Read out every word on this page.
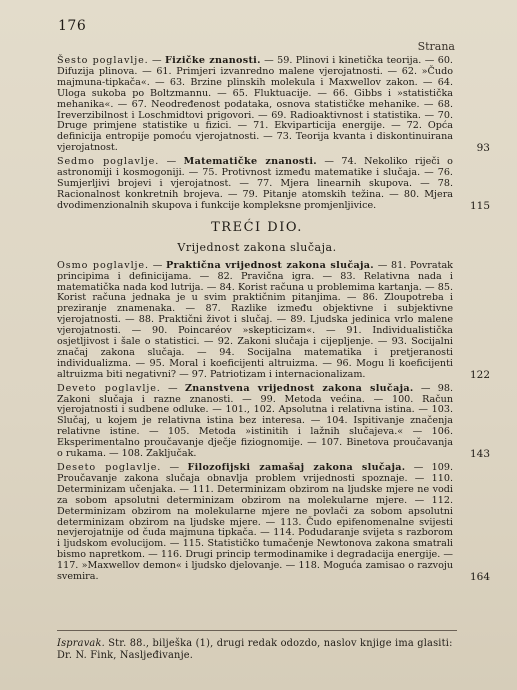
176
Strana
Šesto poglavlje. — Fizičke znanosti. — 59. Plinovi i kinetička teorija. — 60. Difuzija plinova. — 61. Primjeri izvanredno malene vjerojatnosti. — 62. »Čudo majmuna-tipkača«. — 63. Brzine plinskih molekula i Maxwellov zakon. — 64. Uloga sukoba po Boltzmannu. — 65. Fluktuacije. — 66. Gibbs i »statistička mehanika«. — 67. Neodređenost podataka, osnova statističke mehanike. — 68. Ireverzibilnost i Loschmidtovi prigovori. — 69. Radioaktivnost i statistika. — 70. Druge primjene statistike u fizici. — 71. Ekviparticija energije. — 72. Opća definicija entropije pomoću vjerojatnosti. — 73. Teorija kvanta i diskontinuirana vjerojatnost.	93
Sedmo poglavlje. — Matematičke znanosti. — 74. Nekoliko riječi o astronomiji i kosmogoniji. — 75. Protivnost između matematike i slučaja. — 76. Sumjerljivi brojevi i vjerojatnost. — 77. Mjera linearnih skupova. — 78. Racionalnost konkretnih brojeva. — 79. Pitanje atomskih težina. — 80. Mjera dvodimenzionalnih skupova i funkcije kompleksne promjenljivice.	115
TREĆI DIO.
Vrijednost zakona slučaja.
Osmo poglavlje. — Praktična vrijednost zakona slučaja. — 81. Povratak principima i definicijama. — 82. Pravična igra. — 83. Relativna nada i matematička nada kod lutrija. — 84. Korist računa u problemima kartanja. — 85. Korist računa jednaka je u svim praktičnim pitanjima. — 86. Zloupotreba i preziranje znamenaka. — 87. Razlike između objektivne i subjektivne vjerojatnosti. — 88. Praktični život i slučaj. — 89. Ljudska jedinica vrlo malene vjerojatnosti. — 90. Poincaréov »skepticizam«. — 91. Individualistička osjetljivost i šale o statistici. — 92. Zakoni slučaja i cijepljenje. — 93. Socijalni značaj zakona slučaja. — 94. Socijalna matematika i pretjeranosti individualizma. — 95. Moral i koeficijenti altruizma. — 96. Mogu li koeficijenti altruizma biti negativni? — 97. Patriotizam i internacionalizam.	122
Deveto poglavlje. — Znanstvena vrijednost zakona slučaja. — 98. Zakoni slučaja i razne znanosti. — 99. Metoda većina. — 100. Račun vjerojatnosti i sudbene odluke. — 101., 102. Apsolutna i relativna istina. — 103. Slučaj, u kojem je relativna istina bez interesa. — 104. Ispitivanje značenja relativne istine. — 105. Metoda »istinitih i lažnih slučajeva.« — 106. Eksperimentalno proučavanje dječje fiziognomije. — 107. Binetova proučavanja o rukama. — 108. Zaključak.	143
Deseto poglavlje. — Filozofijski zamašaj zakona slučaja. — 109. Proučavanje zakona slučaja obnavlja problem vrijednosti spoznaje. — 110. Determinizam učenjaka. — 111. Determinizam obzirom na ljudske mjere ne vodi za sobom apsolutni determinizam obzirom na molekularne mjere. — 112. Determinizam obzirom na molekularne mjere ne povlači za sobom apsolutni determinizam obzirom na ljudske mjere. — 113. Čudo epifenomenalne svijesti nevjerojatnije od čuda majmuna tipkača. — 114. Podudaranje svijeta s razborom i ljudskom evolucijom. — 115. Statističko tumačenje Newtonova zakona smatrali bismo napretkom. — 116. Drugi princip termodinamike i degradacija energije. — 117. »Maxwellov demon« i ljudsko djelovanje. — 118. Moguća zamisao o razvoju svemira.	164
Ispravak. Str. 88., bilješka (1), drugi redak odozdo, naslov knjige ima glasiti: Dr. N. Fink, Nasljeđivanje.
